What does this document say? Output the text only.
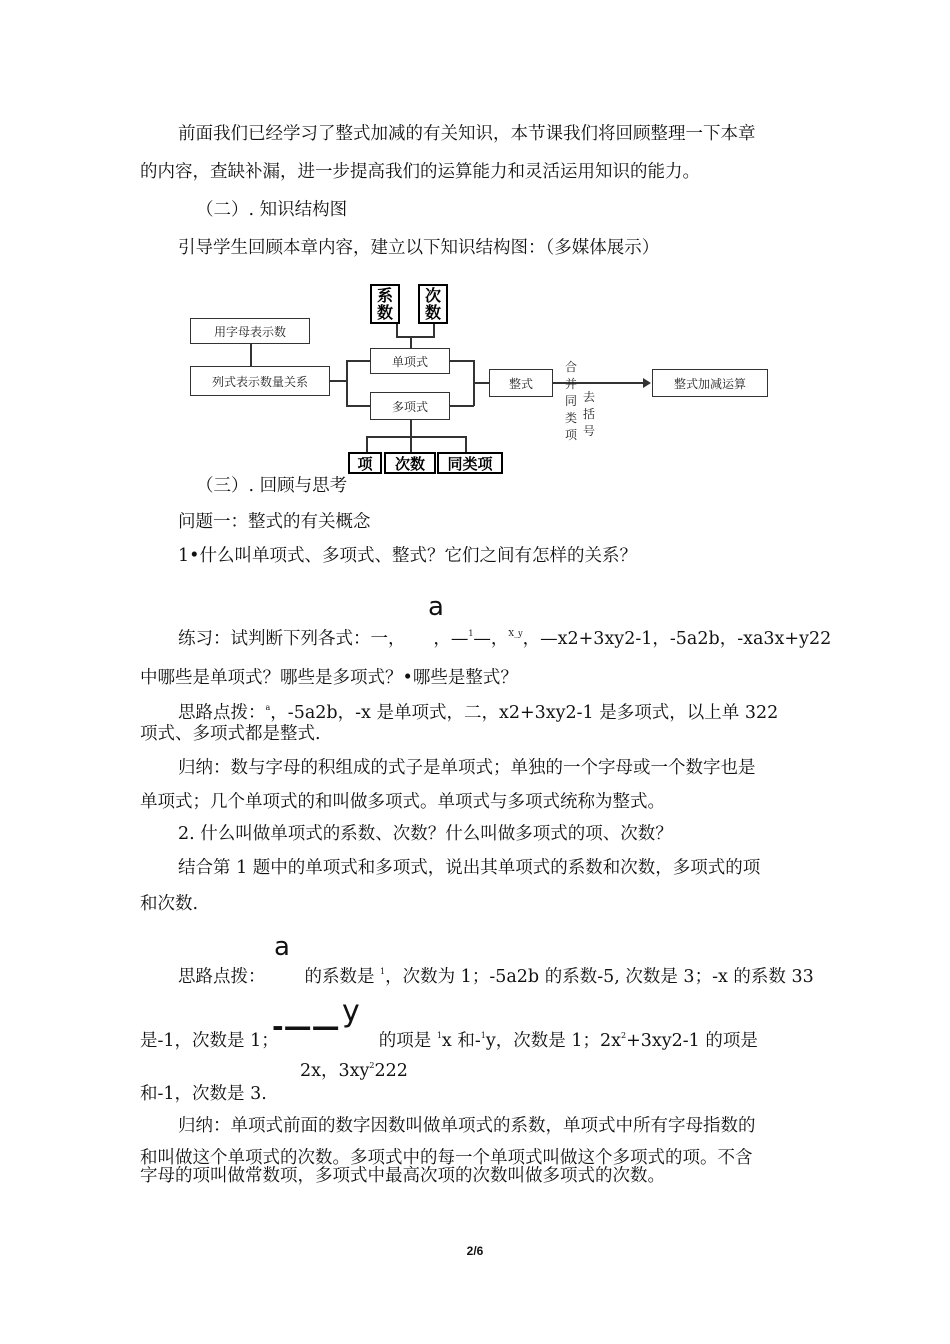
前面我们已经学习了整式加减的有关知识，本节课我们将回顾整理一下本章
的内容，查缺补漏，进一步提高我们的运算能力和灵活运用知识的能力。
（二）. 知识结构图
引导学生回顾本章内容，建立以下知识结构图：（多媒体展示）
系数
次数
用字母表示数
列式表示数量关系
单项式
多项式
整式
合并同类项
去括号
整式加减运算
项	次数	同类项
（三）. 回顾与思考
问题一：整式的有关概念
1•什么叫单项式、多项式、整式？它们之间有怎样的关系？
a
练习：试判断下列各式：一， ，—$^1$—，$^{X\_y}$，—x2+3xy2-1，-5a2b，-xa3x+y22
中哪些是单项式？哪些是多项式？•哪些是整式？
思路点拨：$^a$，-5a2b，-x 是单项式，二，x2+3xy2-1 是多项式，以上单 322
项式、多项式都是整式.
归纳：数与字母的积组成的式子是单项式；单独的一个字母或一个数字也是
单项式；几个单项式的和叫做多项式。单项式与多项式统称为整式。
2. 什么叫做单项式的系数、次数？什么叫做多项式的项、次数？
结合第 1 题中的单项式和多项式，说出其单项式的系数和次数，多项式的项
和次数.
a
思路点拨： 的系数是 $^1$，次数为 1；-5a2b 的系数-5, 次数是 3；-x 的系数 33
y
-——
是-1，次数是 1；	的项是 $^1$x 和-$^1$y，次数是 1；$2x^2+3xy2-1$ 的项是
2x，$3xy^2222$
和-1，次数是 3.
归纳：单项式前面的数字因数叫做单项式的系数，单项式中所有字母指数的
和叫做这个单项式的次数。多项式中的每一个单项式叫做这个多项式的项。不含
字母的项叫做常数项，多项式中最高次项的次数叫做多项式的次数。
2/6
